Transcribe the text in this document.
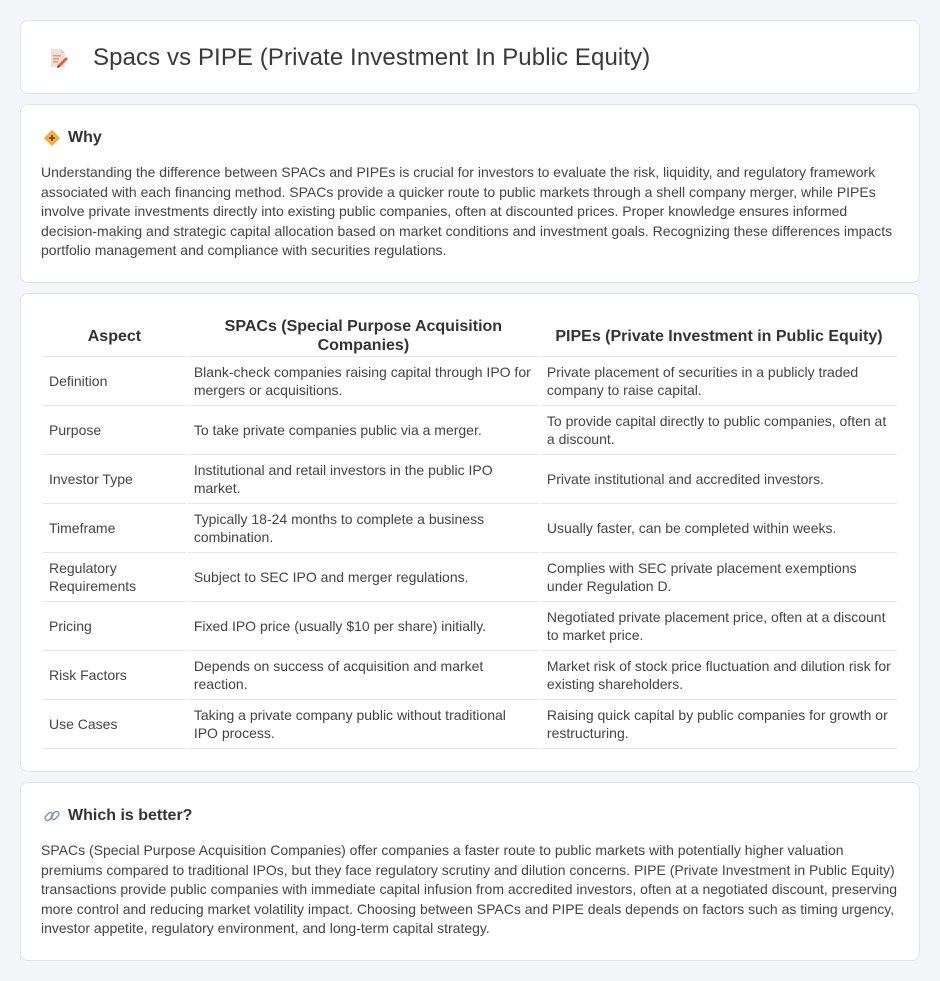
Spacs vs PIPE (Private Investment In Public Equity)
Why

Understanding the difference between SPACs and PIPEs is crucial for investors to evaluate the risk, liquidity, and regulatory framework associated with each financing method. SPACs provide a quicker route to public markets through a shell company merger, while PIPEs involve private investments directly into existing public companies, often at discounted prices. Proper knowledge ensures informed decision-making and strategic capital allocation based on market conditions and investment goals. Recognizing these differences impacts portfolio management and compliance with securities regulations.

Aspect	SPACs (Special Purpose Acquisition Companies)	PIPEs (Private Investment in Public Equity)
Definition	Blank-check companies raising capital through IPO for mergers or acquisitions.	Private placement of securities in a publicly traded company to raise capital.
Purpose	To take private companies public via a merger.	To provide capital directly to public companies, often at a discount.
Investor Type	Institutional and retail investors in the public IPO market.	Private institutional and accredited investors.
Timeframe	Typically 18-24 months to complete a business combination.	Usually faster, can be completed within weeks.
Regulatory Requirements	Subject to SEC IPO and merger regulations.	Complies with SEC private placement exemptions under Regulation D.
Pricing	Fixed IPO price (usually $10 per share) initially.	Negotiated private placement price, often at a discount to market price.
Risk Factors	Depends on success of acquisition and market reaction.	Market risk of stock price fluctuation and dilution risk for existing shareholders.
Use Cases	Taking a private company public without traditional IPO process.	Raising quick capital by public companies for growth or restructuring.
Which is better?

SPACs (Special Purpose Acquisition Companies) offer companies a faster route to public markets with potentially higher valuation premiums compared to traditional IPOs, but they face regulatory scrutiny and dilution concerns. PIPE (Private Investment in Public Equity) transactions provide public companies with immediate capital infusion from accredited investors, often at a negotiated discount, preserving more control and reducing market volatility impact. Choosing between SPACs and PIPE deals depends on factors such as timing urgency, investor appetite, regulatory environment, and long-term capital strategy.
